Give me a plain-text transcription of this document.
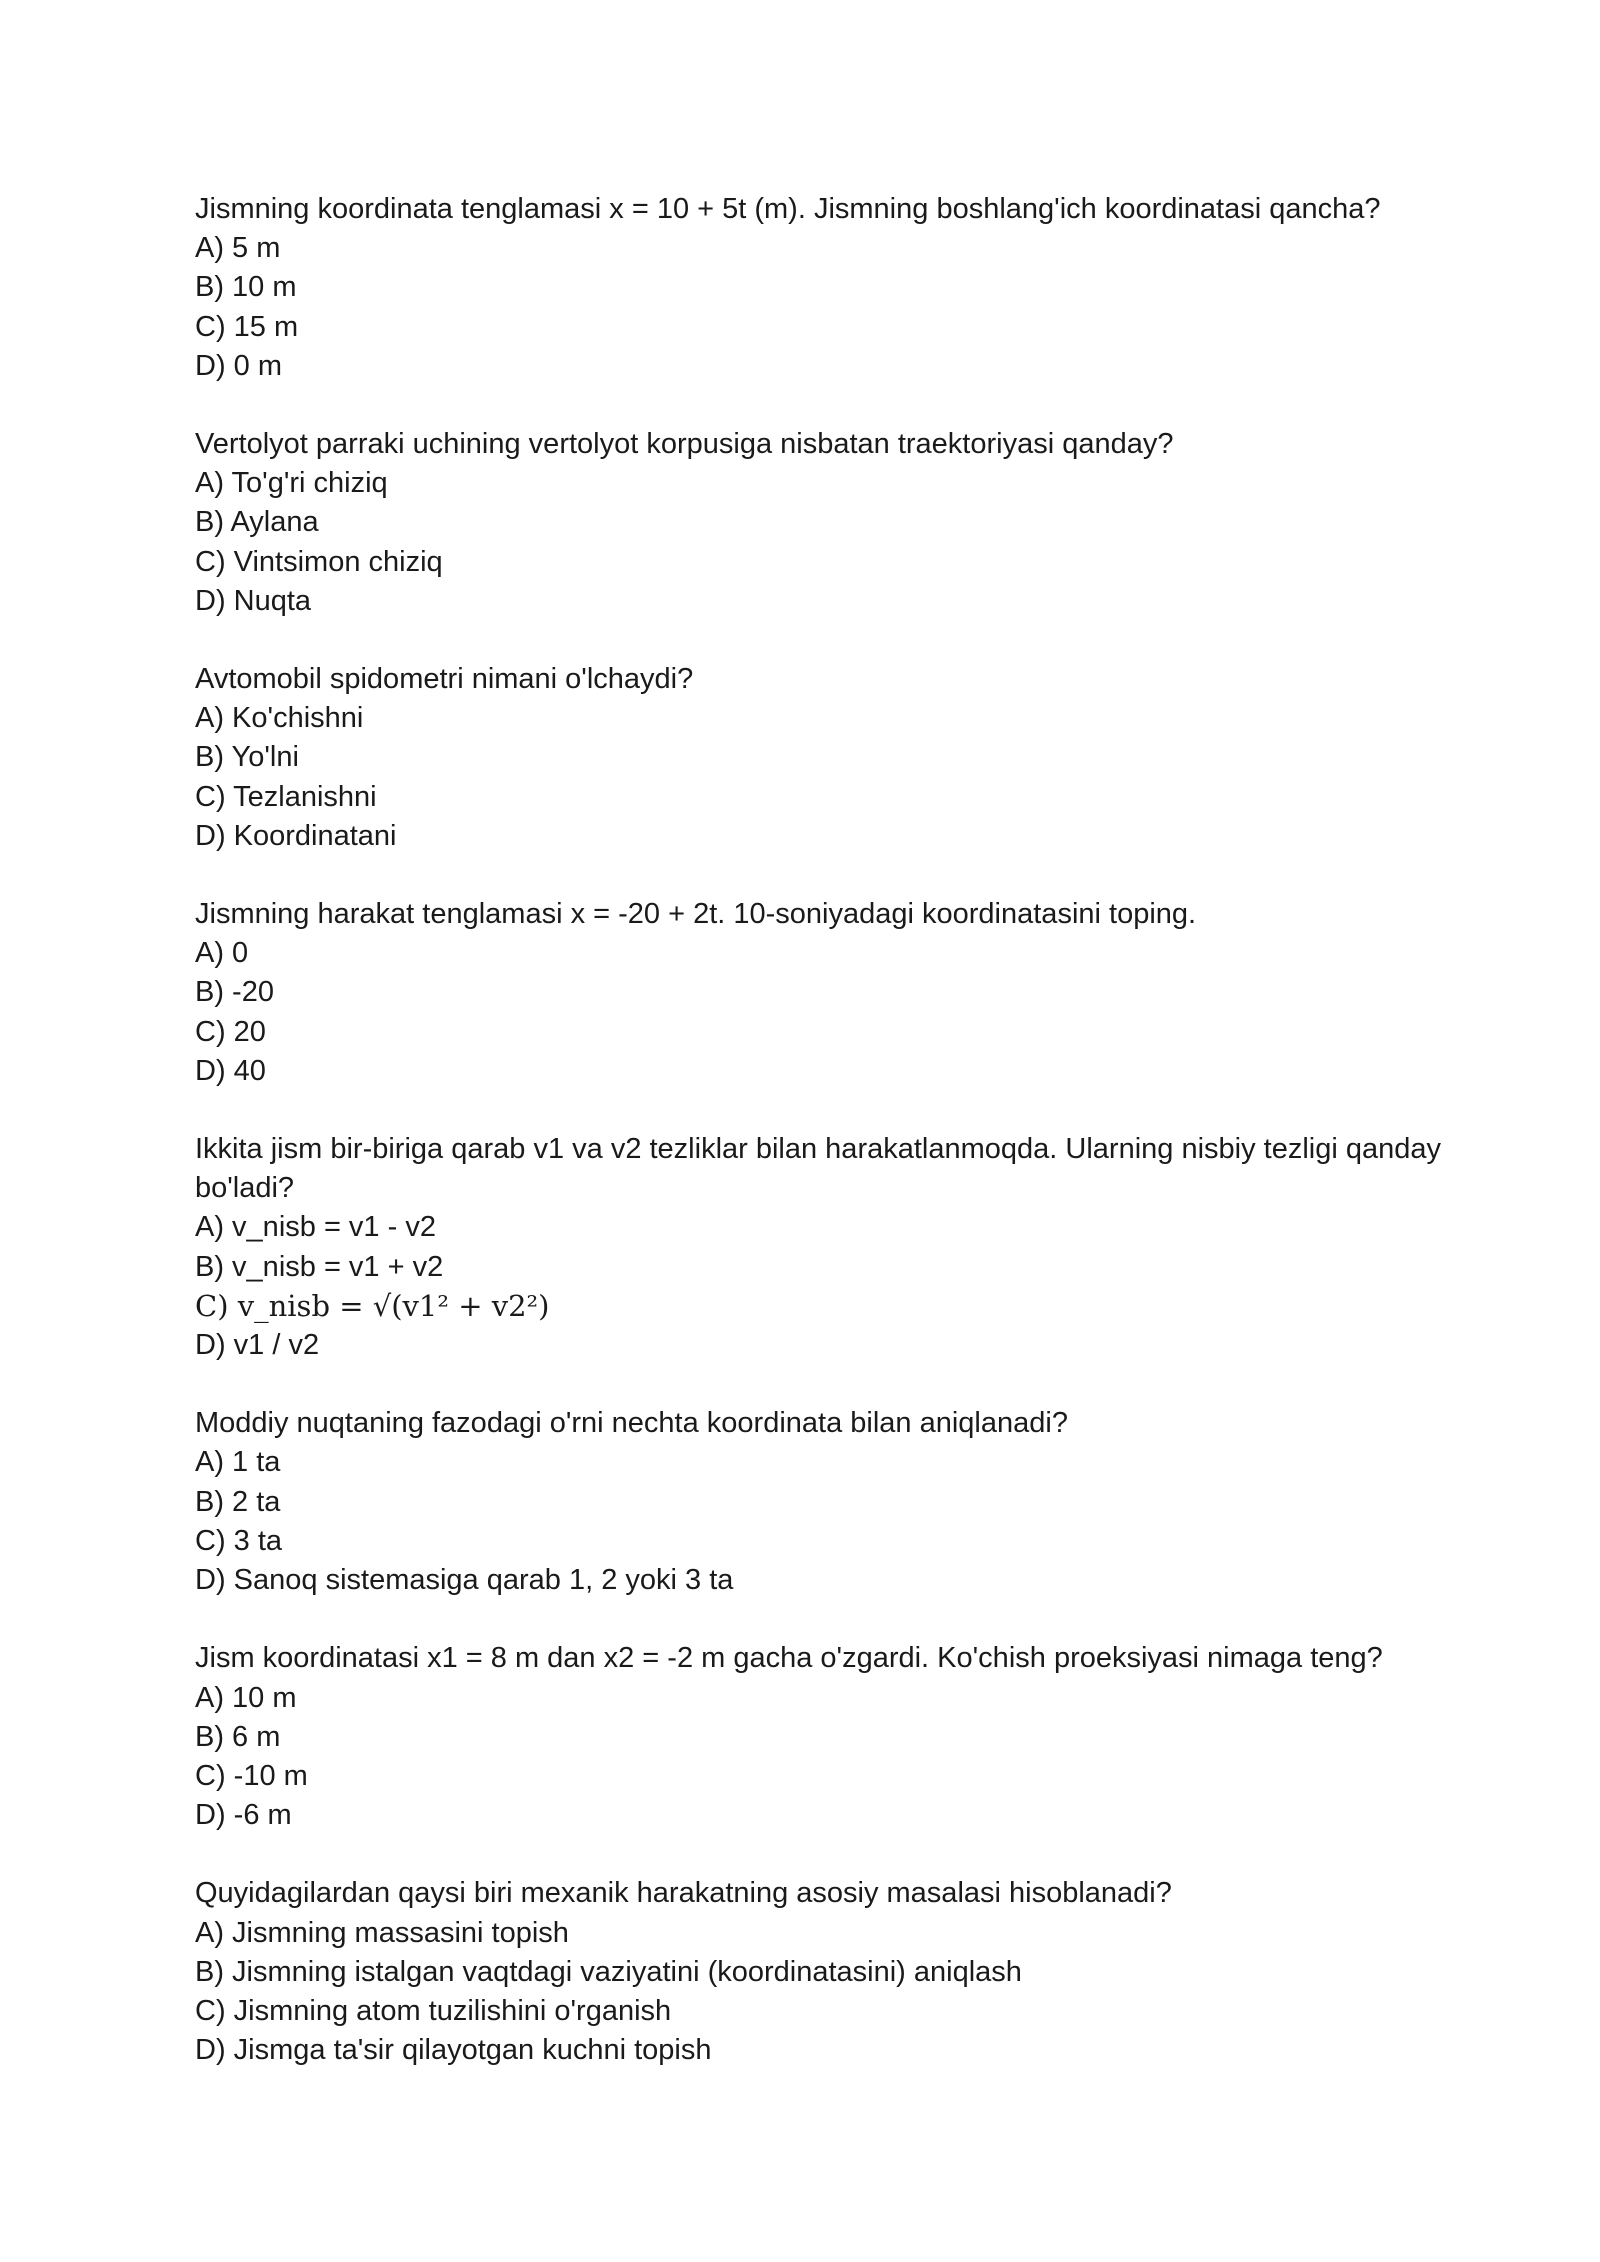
Jismning koordinata tenglamasi x = 10 + 5t (m). Jismning boshlang'ich koordinatasi qancha?
A) 5 m
B) 10 m
C) 15 m
D) 0 m
Vertolyot parraki uchining vertolyot korpusiga nisbatan traektoriyasi qanday?
A) To'g'ri chiziq
B) Aylana
C) Vintsimon chiziq
D) Nuqta
Avtomobil spidometri nimani o'lchaydi?
A) Ko'chishni
B) Yo'lni
C) Tezlanishni
D) Koordinatani
Jismning harakat tenglamasi x = -20 + 2t. 10-soniyadagi koordinatasini toping.
A) 0
B) -20
C) 20
D) 40
Ikkita jism bir-biriga qarab v1 va v2 tezliklar bilan harakatlanmoqda. Ularning nisbiy tezligi qanday bo'ladi?
A) v_nisb = v1 - v2
B) v_nisb = v1 + v2
C) v_nisb = √(v1² + v2²)
D) v1 / v2
Moddiy nuqtaning fazodagi o'rni nechta koordinata bilan aniqlanadi?
A) 1 ta
B) 2 ta
C) 3 ta
D) Sanoq sistemasiga qarab 1, 2 yoki 3 ta
Jism koordinatasi x1 = 8 m dan x2 = -2 m gacha o'zgardi. Ko'chish proeksiyasi nimaga teng?
A) 10 m
B) 6 m
C) -10 m
D) -6 m
Quyidagilardan qaysi biri mexanik harakatning asosiy masalasi hisoblanadi?
A) Jismning massasini topish
B) Jismning istalgan vaqtdagi vaziyatini (koordinatasini) aniqlash
C) Jismning atom tuzilishini o'rganish
D) Jismga ta'sir qilayotgan kuchni topish
